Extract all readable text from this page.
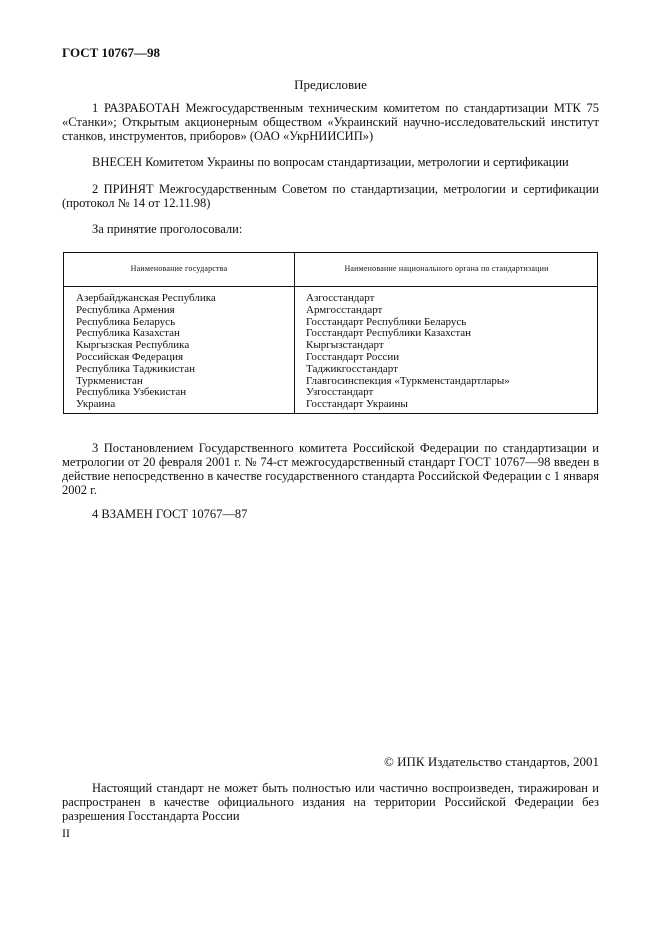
ГОСТ 10767—98
Предисловие
1 РАЗРАБОТАН Межгосударственным техническим комитетом по стандартизации МТК 75 «Станки»; Открытым акционерным обществом «Украинский научно-исследовательский институт станков, инструментов, приборов» (ОАО «УкрНИИСИП»)
ВНЕСЕН Комитетом Украины по вопросам стандартизации, метрологии и сертификации
2 ПРИНЯТ Межгосударственным Советом по стандартизации, метрологии и сертификации (протокол № 14 от 12.11.98)
За принятие проголосовали:
Наименование государства	Наименование национального органа по стандартизации
Азербайджанская Республика
Республика Армения
Республика Беларусь
Республика Казахстан
Кыргызская Республика
Российская Федерация
Республика Таджикистан
Туркменистан
Республика Узбекистан
Украина
Азгосстандарт
Армгосстандарт
Госстандарт Республики Беларусь
Госстандарт Республики Казахстан
Кыргызстандарт
Госстандарт России
Таджикгосстандарт
Главгосинспекция «Туркменстандартлары»
Узгосстандарт
Госстандарт Украины
3 Постановлением Государственного комитета Российской Федерации по стандартизации и метрологии от 20 февраля 2001 г. № 74-ст межгосударственный стандарт ГОСТ 10767—98 введен в действие непосредственно в качестве государственного стандарта Российской Федерации с 1 января 2002 г.
4 ВЗАМЕН ГОСТ 10767—87
© ИПК Издательство стандартов, 2001
Настоящий стандарт не может быть полностью или частично воспроизведен, тиражирован и распространен в качестве официального издания на территории Российской Федерации без разрешения Госстандарта России
II
